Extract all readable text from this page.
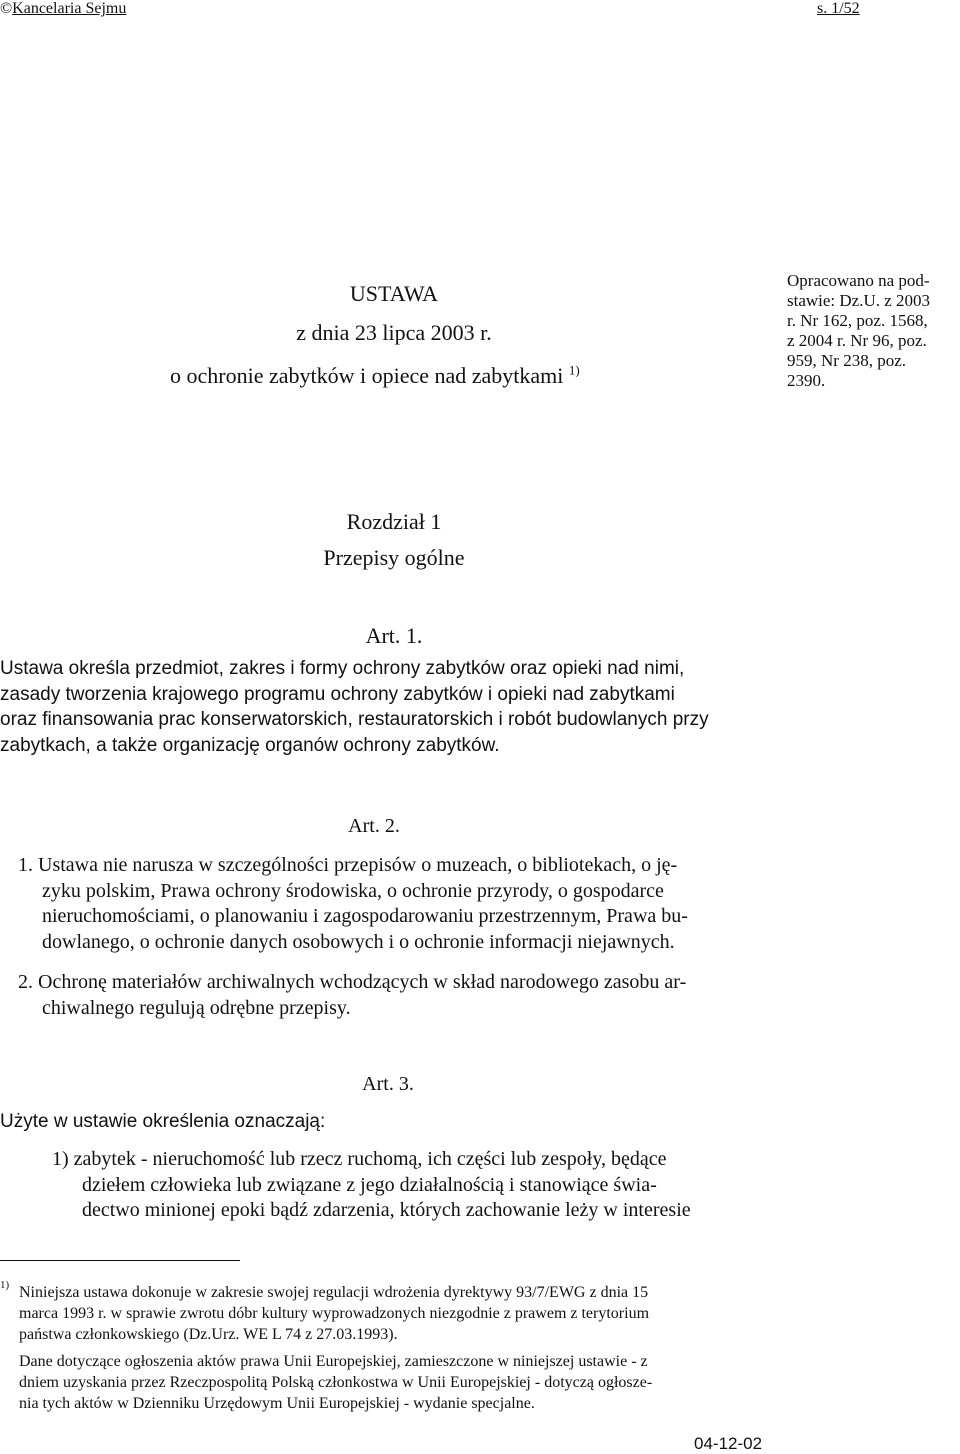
©Kancelaria Sejmu	s. 1/52
USTAWA
z dnia 23 lipca 2003 r.
o ochronie zabytków i opiece nad zabytkami $^{1)}$
Opracowano na pod-
stawie: Dz.U. z 2003
r. Nr 162, poz. 1568,
z 2004 r. Nr 96, poz.
959, Nr 238, poz.
2390.
Rozdział 1
Przepisy ogólne
Art. 1.
Ustawa określa przedmiot, zakres i formy ochrony zabytków oraz opieki nad nimi,
zasady tworzenia krajowego programu ochrony zabytków i opieki nad zabytkami
oraz finansowania prac konserwatorskich, restauratorskich i robót budowlanych przy
zabytkach, a także organizację organów ochrony zabytków.
Art. 2.
1. Ustawa nie narusza w szczególności przepisów o muzeach, o bibliotekach, o ję-
zyku polskim, Prawa ochrony środowiska, o ochronie przyrody, o gospodarce
nieruchomościami, o planowaniu i zagospodarowaniu przestrzennym, Prawa bu-
dowlanego, o ochronie danych osobowych i o ochronie informacji niejawnych.
2. Ochronę materiałów archiwalnych wchodzących w skład narodowego zasobu ar-
chiwalnego regulują odrębne przepisy.
Art. 3.
Użyte w ustawie określenia oznaczają:
1) zabytek - nieruchomość lub rzecz ruchomą, ich części lub zespoły, będące
dziełem człowieka lub związane z jego działalnością i stanowiące świa-
dectwo minionej epoki bądź zdarzenia, których zachowanie leży w interesie
1) Niniejsza ustawa dokonuje w zakresie swojej regulacji wdrożenia dyrektywy 93/7/EWG z dnia 15
marca 1993 r. w sprawie zwrotu dóbr kultury wyprowadzonych niezgodnie z prawem z terytorium
państwa członkowskiego (Dz.Urz. WE L 74 z 27.03.1993).
Dane dotyczące ogłoszenia aktów prawa Unii Europejskiej, zamieszczone w niniejszej ustawie - z
dniem uzyskania przez Rzeczpospolitą Polską członkostwa w Unii Europejskiej - dotyczą ogłosze-
nia tych aktów w Dzienniku Urzędowym Unii Europejskiej - wydanie specjalne.
04-12-02
